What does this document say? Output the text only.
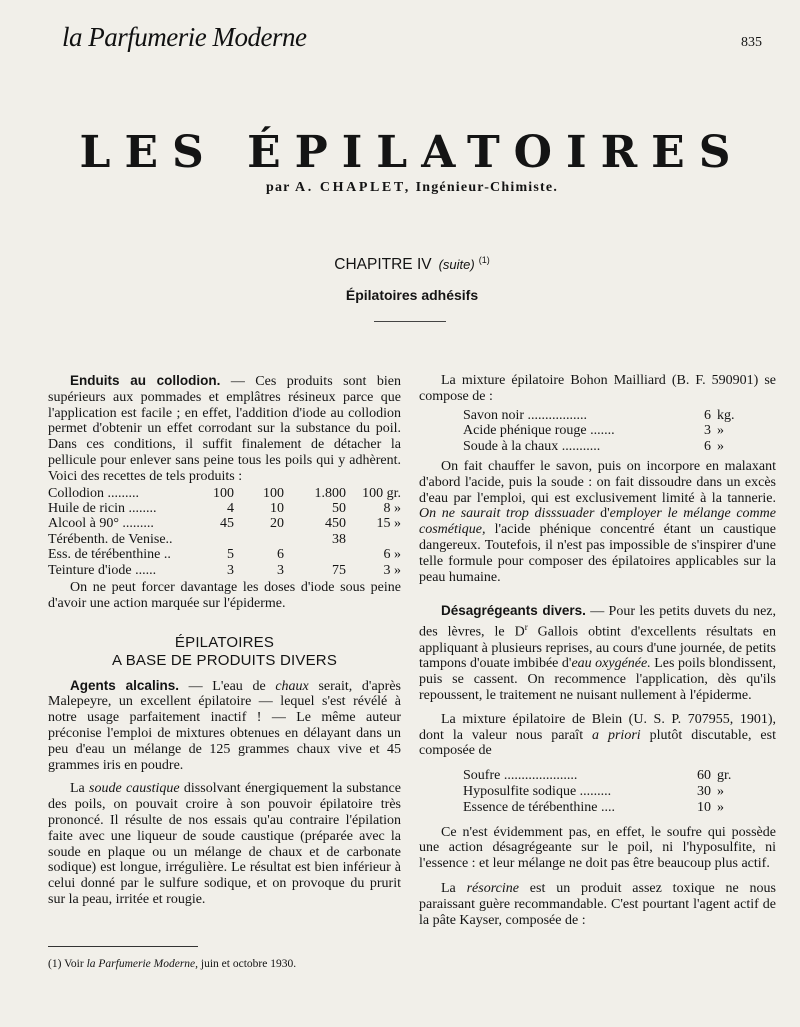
la Parfumerie Moderne	835
LES ÉPILATOIRES
par A. CHAPLET, Ingénieur-Chimiste.
CHAPITRE IV (suite) $^{(1)}$
Épilatoires adhésifs

Enduits au collodion. — Ces produits sont bien supérieurs aux pommades et emplâtres résineux parce que l'application est facile ; en effet, l'addition d'iode au collodion permet d'obtenir un effet corrodant sur la substance du poil. Dans ces conditions, il suffit finalement de détacher la pellicule pour enlever sans peine tous les poils qui y adhèrent. Voici des recettes de tels produits :

Collodion .........	100	100	1.800	100 gr.
Huile de ricin ........	4	10	50	8 »
Alcool à 90° .........	45	20	450	15 »
Térébenth. de Venise..			38	
Ess. de térébenthine ..	5	6		6 »
Teinture d'iode ......	3	3	75	3 »

On ne peut forcer davantage les doses d'iode sous peine d'avoir une action marquée sur l'épiderme.

ÉPILATOIRES
A BASE DE PRODUITS DIVERS

Agents alcalins. — L'eau de chaux serait, d'après Malepeyre, un excellent épilatoire — lequel s'est révélé à notre usage parfaitement inactif ! — Le même auteur préconise l'emploi de mixtures obtenues en délayant dans un peu d'eau un mélange de 125 grammes chaux vive et 45 grammes iris en poudre.

La soude caustique dissolvant énergiquement la substance des poils, on pouvait croire à son pouvoir épilatoire très prononcé. Il résulte de nos essais qu'au contraire l'épilation faite avec une liqueur de soude caustique (préparée avec la soude en plaque ou un mélange de chaux et de carbonate sodique) est longue, irrégulière. Le résultat est bien inférieur à celui donné par le sulfure sodique, et on provoque du prurit sur la peau, irritée et rougie.

(1) Voir la Parfumerie Moderne, juin et octobre 1930.

La mixture épilatoire Bohon Mailliard (B. F. 590901) se compose de :

Savon noir .................	6	kg.
Acide phénique rouge .......	3	»
Soude à la chaux ...........	6	»

On fait chauffer le savon, puis on incorpore en malaxant d'abord l'acide, puis la soude : on fait dissoudre dans un excès d'eau par l'emploi, qui est exclusivement limité à la tannerie. On ne saurait trop disssuader d'employer le mélange comme cosmétique, l'acide phénique concentré étant un caustique dangereux. Toutefois, il n'est pas impossible de s'inspirer d'une telle formule pour composer des épilatoires applicables sur la peau humaine.

Désagrégeants divers. — Pour les petits duvets du nez, des lèvres, le $D^r$ Gallois obtint d'excellents résultats en appliquant à plusieurs reprises, au cours d'une journée, de petits tampons d'ouate imbibée d'eau oxygénée. Les poils blondissent, puis se cassent. On recommence l'application, dès qu'ils repoussent, le traitement ne nuisant nullement à l'épiderme.

La mixture épilatoire de Blein (U. S. P. 707955, 1901), dont la valeur nous paraît a priori plutôt discutable, est composée de

Soufre .....................	60	gr.
Hyposulfite sodique .........	30	»
Essence de térébenthine ....	10	»

Ce n'est évidemment pas, en effet, le soufre qui possède une action désagrégeante sur le poil, ni l'hyposulfite, ni l'essence : et leur mélange ne doit pas être beaucoup plus actif.

La résorcine est un produit assez toxique ne nous paraissant guère recommandable. C'est pourtant l'agent actif de la pâte Kayser, composée de :
